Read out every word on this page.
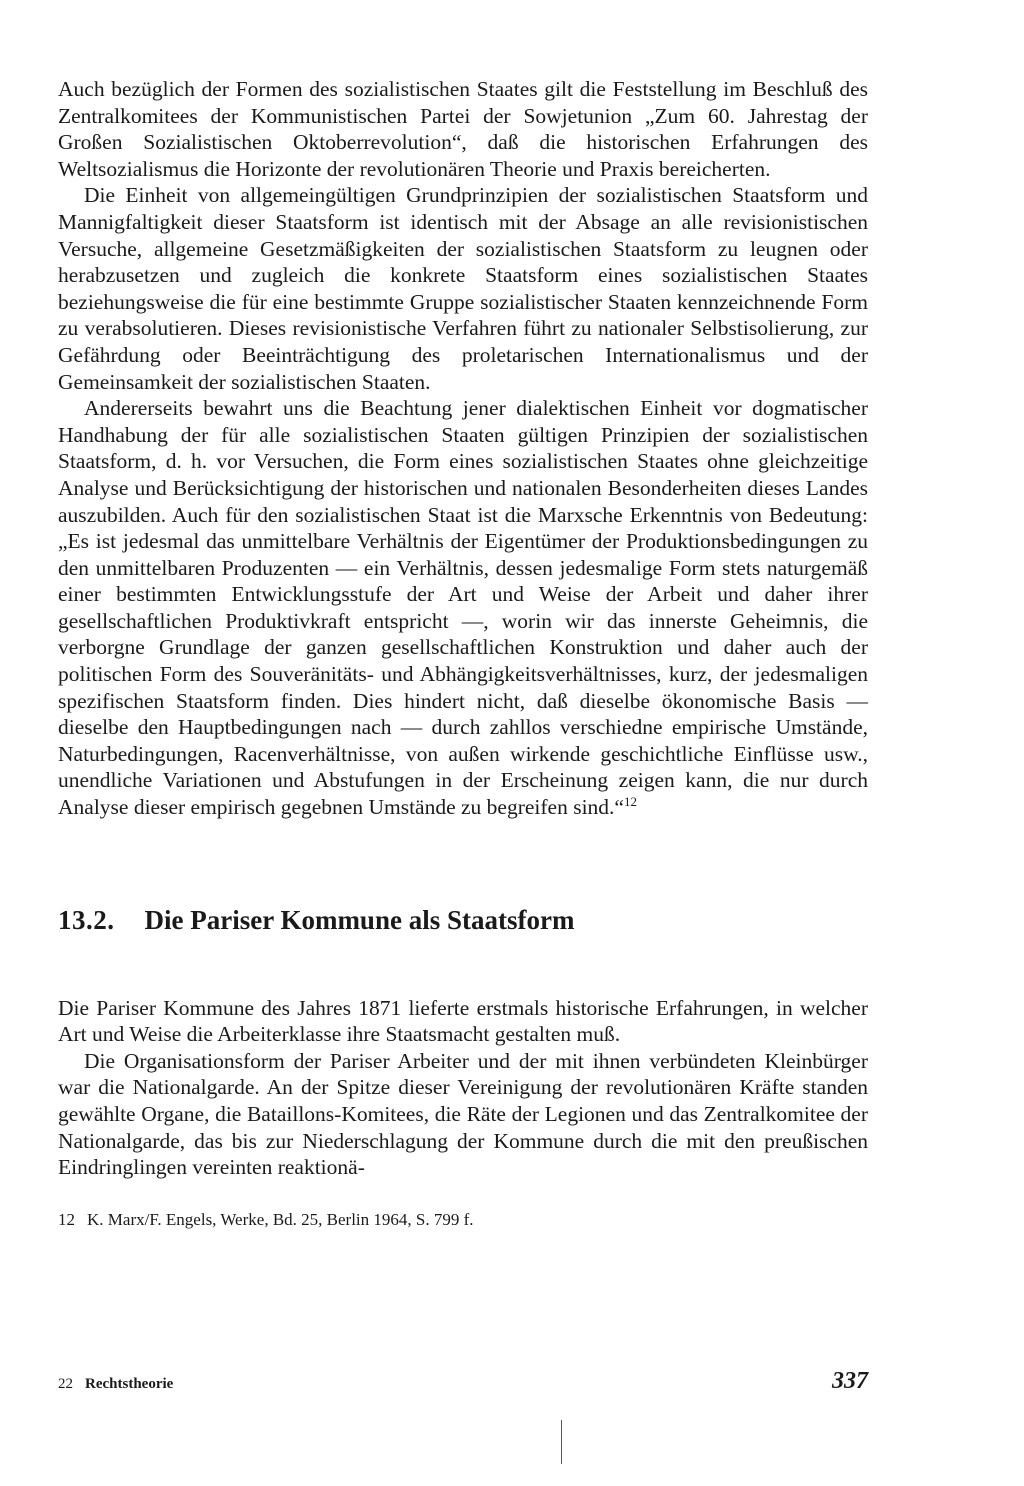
Auch bezüglich der Formen des sozialistischen Staates gilt die Feststellung im Beschluß des Zentralkomitees der Kommunistischen Partei der Sowjetunion „Zum 60. Jahrestag der Großen Sozialistischen Oktoberrevolution“, daß die historischen Erfahrungen des Weltsozialismus die Horizonte der revolutionären Theorie und Praxis bereicherten.

Die Einheit von allgemeingültigen Grundprinzipien der sozialistischen Staatsform und Mannigfaltigkeit dieser Staatsform ist identisch mit der Absage an alle revisionistischen Versuche, allgemeine Gesetzmäßigkeiten der sozialistischen Staatsform zu leugnen oder herabzusetzen und zugleich die konkrete Staatsform eines sozialistischen Staates beziehungsweise die für eine bestimmte Gruppe sozialistischer Staaten kennzeichnende Form zu verabsolutieren. Dieses revisionistische Verfahren führt zu nationaler Selbstisolierung, zur Gefährdung oder Beeinträchtigung des proletarischen Internationalismus und der Gemeinsamkeit der sozialistischen Staaten.

Andererseits bewahrt uns die Beachtung jener dialektischen Einheit vor dogmatischer Handhabung der für alle sozialistischen Staaten gültigen Prinzipien der sozialistischen Staatsform, d. h. vor Versuchen, die Form eines sozialistischen Staates ohne gleichzeitige Analyse und Berücksichtigung der historischen und nationalen Besonderheiten dieses Landes auszubilden. Auch für den sozialistischen Staat ist die Marxsche Erkenntnis von Bedeutung: „Es ist jedesmal das unmittelbare Verhältnis der Eigentümer der Produktionsbedingungen zu den unmittelbaren Produzenten — ein Verhältnis, dessen jedesmalige Form stets naturgemäß einer bestimmten Entwicklungsstufe der Art und Weise der Arbeit und daher ihrer gesellschaftlichen Produktivkraft entspricht —, worin wir das innerste Geheimnis, die verborgne Grundlage der ganzen gesellschaftlichen Konstruktion und daher auch der politischen Form des Souveränitäts- und Abhängigkeitsverhältnisses, kurz, der jedesmaligen spezifischen Staatsform finden. Dies hindert nicht, daß dieselbe ökonomische Basis — dieselbe den Hauptbedingungen nach — durch zahllos verschiedne empirische Umstände, Naturbedingungen, Racenverhältnisse, von außen wirkende geschichtliche Einflüsse usw., unendliche Variationen und Abstufungen in der Erscheinung zeigen kann, die nur durch Analyse dieser empirisch gegebnen Umstände zu begreifen sind.“$^{12}$

13.2. Die Pariser Kommune als Staatsform

Die Pariser Kommune des Jahres 1871 lieferte erstmals historische Erfahrungen, in welcher Art und Weise die Arbeiterklasse ihre Staatsmacht gestalten muß.

Die Organisationsform der Pariser Arbeiter und der mit ihnen verbündeten Kleinbürger war die Nationalgarde. An der Spitze dieser Vereinigung der revolutionären Kräfte standen gewählte Organe, die Bataillons-Komitees, die Räte der Legionen und das Zentralkomitee der Nationalgarde, das bis zur Niederschlagung der Kommune durch die mit den preußischen Eindringlingen vereinten reaktionä-

12 K. Marx/F. Engels, Werke, Bd. 25, Berlin 1964, S. 799 f.
22 Rechtstheorie	337
